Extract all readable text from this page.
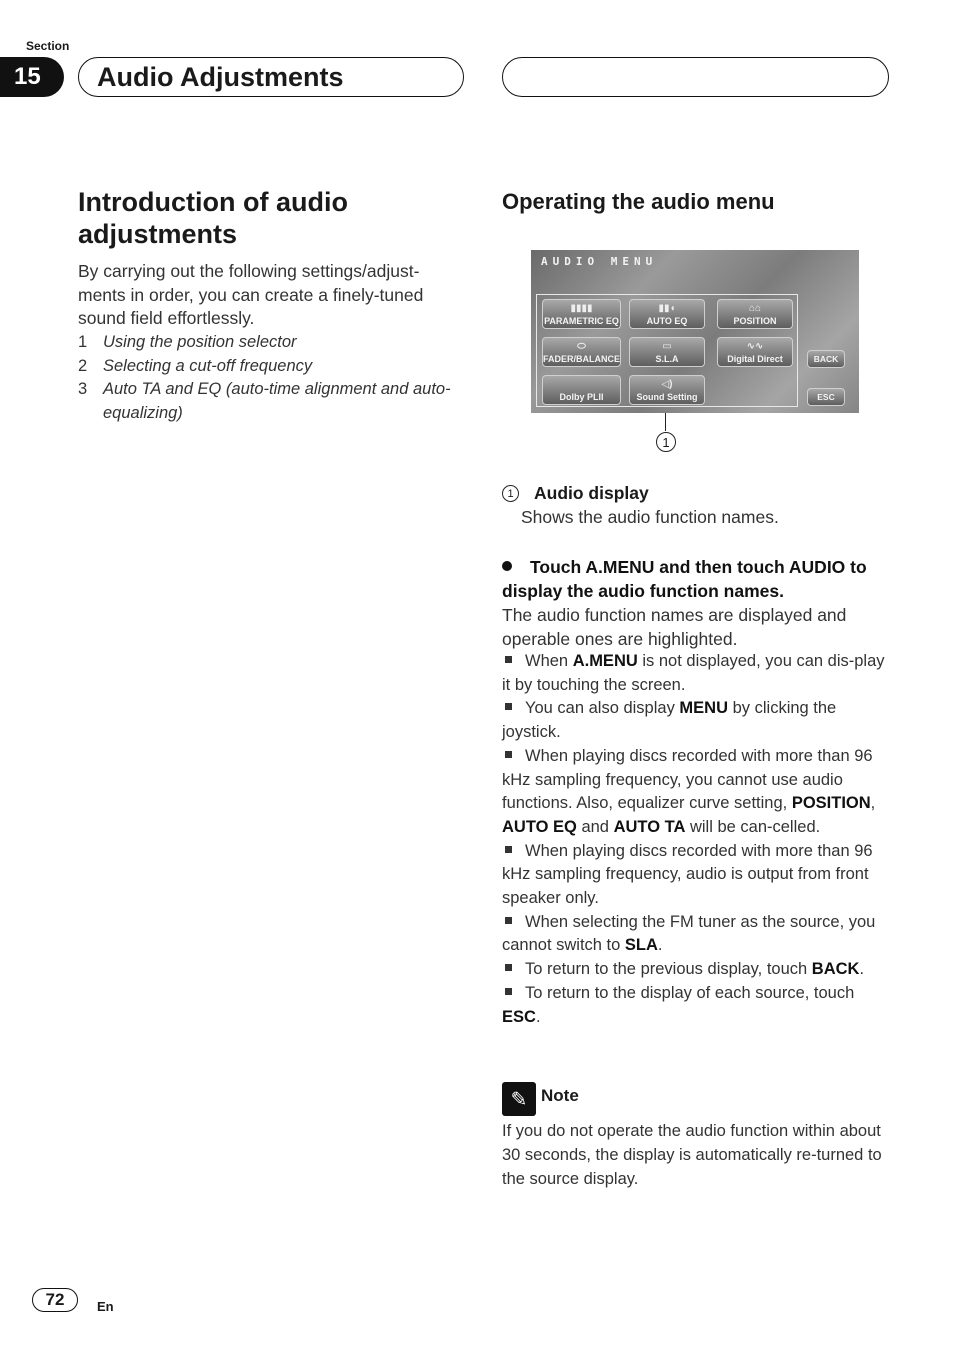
Section
15	Audio Adjustments
Introduction of audio adjustments
By carrying out the following settings/adjust-ments in order, you can create a finely-tuned sound field effortlessly.
1 Using the position selector
2 Selecting a cut-off frequency
3 Auto TA and EQ (auto-time alignment and auto-equalizing)
Operating the audio menu
AUDIO MENU
▮▮▮▮
PARAMETRIC EQ
▮▮◖
AUTO EQ
⌂⌂
POSITION
⬭
FADER/BALANCE
▭
S.L.A
∿∿
Digital Direct
Dolby PLII
◁)
Sound Setting
BACK
ESC
1
1	Audio display
Shows the audio function names.
Touch A.MENU and then touch AUDIO to display the audio function names.
The audio function names are displayed and operable ones are highlighted.

When A.MENU is not displayed, you can dis-play it by touching the screen.

You can also display MENU by clicking the joystick.

When playing discs recorded with more than 96 kHz sampling frequency, you cannot use audio functions. Also, equalizer curve setting, POSITION, AUTO EQ and AUTO TA will be can-celled.

When playing discs recorded with more than 96 kHz sampling frequency, audio is output from front speaker only.

When selecting the FM tuner as the source, you cannot switch to SLA.

To return to the previous display, touch BACK.

To return to the display of each source, touch ESC.

✎ Note
If you do not operate the audio function within about 30 seconds, the display is automatically re-turned to the source display.
72	En
